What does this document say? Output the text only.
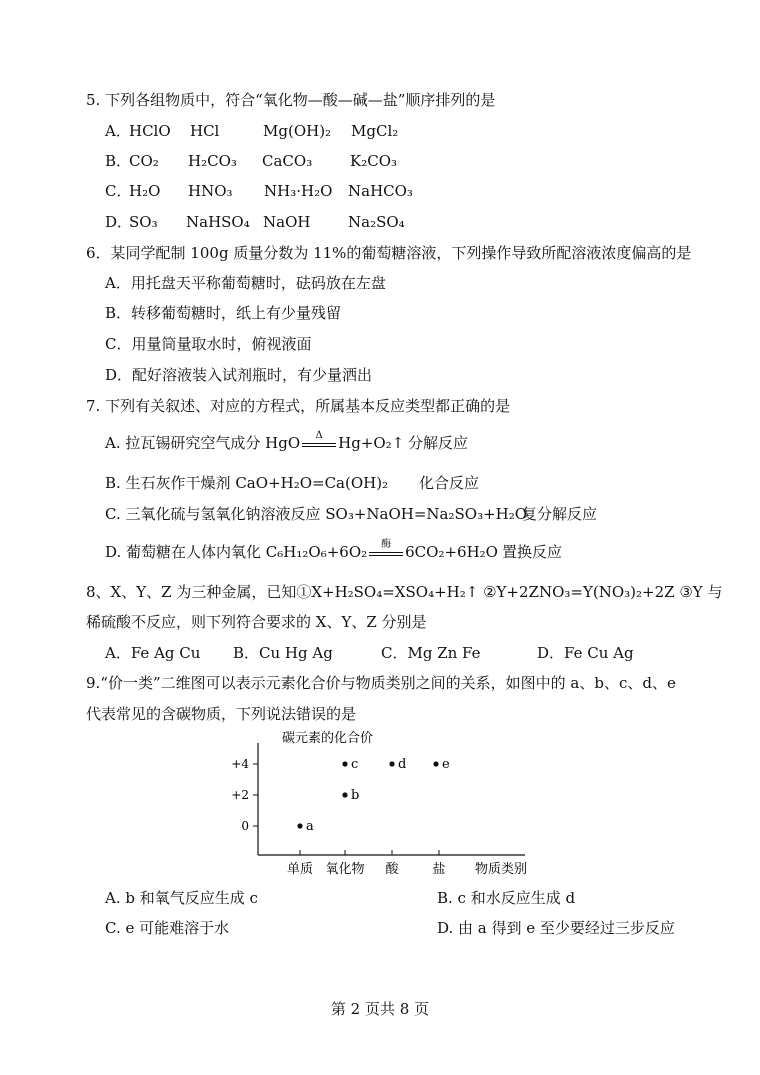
5. 下列各组物质中，符合“氧化物—酸—碱—盐”顺序排列的是
A．
HClO HCl	Mg(OH)₂ MgCl₂
B．
CO₂ H₂CO₃ CaCO₃	K₂CO₃
C．
H₂O HNO₃ NH₃·H₂O NaHCO₃
D．
SO₃ NaHSO₄ NaOH	Na₂SO₄
6．某同学配制 100g 质量分数为 11%的葡萄糖溶液，下列操作导致所配溶液浓度偏高的是
A．用托盘天平称葡萄糖时，砝码放在左盘
B．转移葡萄糖时，纸上有少量残留
C．用量筒量取水时，俯视液面
D．配好溶液装入试剂瓶时，有少量洒出
7. 下列有关叙述、对应的方程式，所属基本反应类型都正确的是
A. 拉瓦锡研究空气成分 HgO	Δ	Hg+O₂↑ 分解反应
B. 生石灰作干燥剂 CaO+H₂O=Ca(OH)₂ 化合反应
C. 三氧化硫与氢氧化钠溶液反应 SO₃+NaOH=Na₂SO₃+H₂O
复分解反应
D. 葡萄糖在人体内氧化 C₆H₁₂O₆+6O₂	酶 6CO₂+6H₂O 置换反应
8、X、Y、Z 为三种金属，已知①X+H₂SO₄=XSO₄+H₂↑ ②Y+2ZNO₃=Y(NO₃)₂+2Z ③Y 与
稀硫酸不反应，则下列符合要求的 X、Y、Z 分别是
A．Fe Ag Cu B．Cu Hg Ag	C．Mg Zn Fe	D．Fe Cu Ag
9.“价一类”二维图可以表示元素化合价与物质类别之间的关系，如图中的 a、b、c、d、e
代表常见的含碳物质，下列说法错误的是
碳元素的化合价
物质类别
+4
+2
0
单质 氧化物 酸	盐
a
b
c	d	e
A. b 和氧气反应生成 c	B. c 和水反应生成 d
C. e 可能难溶于水	D. 由 a 得到 e 至少要经过三步反应
第 2 页共 8 页
